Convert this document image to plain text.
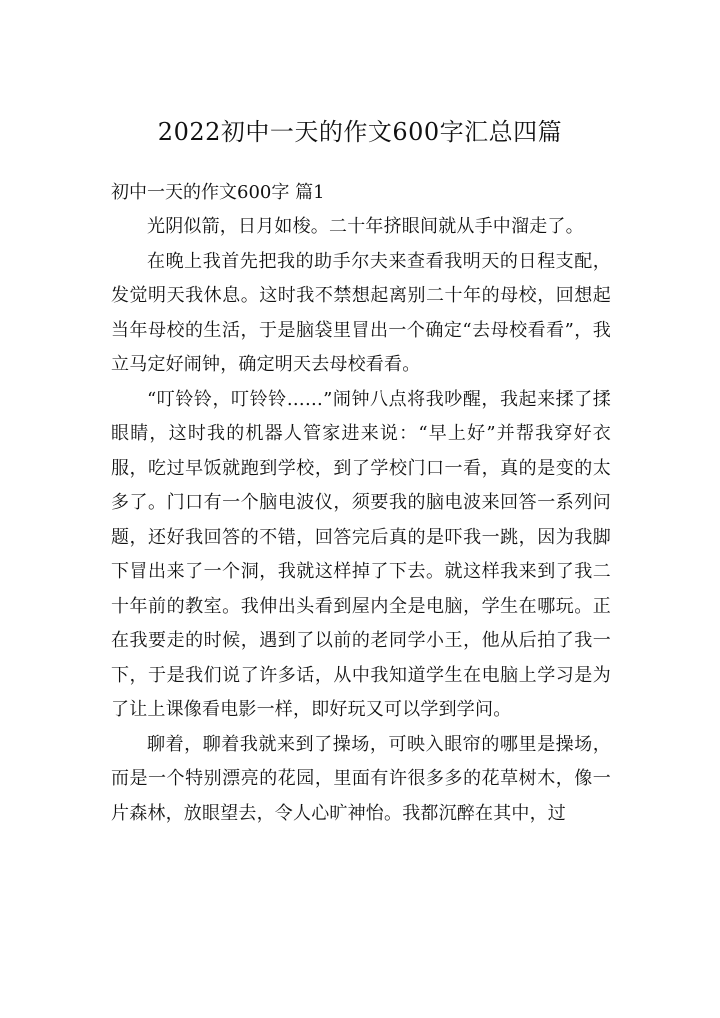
2022初中一天的作文600字汇总四篇

初中一天的作文600字 篇1

光阴似箭，日月如梭。二十年挤眼间就从手中溜走了。

在晚上我首先把我的助手尔夫来查看我明天的日程支配，发觉明天我休息。这时我不禁想起离别二十年的母校，回想起当年母校的生活，于是脑袋里冒出一个确定“去母校看看”，我立马定好闹钟，确定明天去母校看看。

“叮铃铃，叮铃铃……”闹钟八点将我吵醒，我起来揉了揉眼睛，这时我的机器人管家进来说：“早上好”并帮我穿好衣服，吃过早饭就跑到学校，到了学校门口一看，真的是变的太多了。门口有一个脑电波仪，须要我的脑电波来回答一系列问题，还好我回答的不错，回答完后真的是吓我一跳，因为我脚下冒出来了一个洞，我就这样掉了下去。就这样我来到了我二十年前的教室。我伸出头看到屋内全是电脑，学生在哪玩。正在我要走的时候，遇到了以前的老同学小王，他从后拍了我一下，于是我们说了许多话，从中我知道学生在电脑上学习是为了让上课像看电影一样，即好玩又可以学到学问。

聊着，聊着我就来到了操场，可映入眼帘的哪里是操场，而是一个特别漂亮的花园，里面有许很多多的花草树木，像一片森林，放眼望去，令人心旷神怡。我都沉醉在其中，过
